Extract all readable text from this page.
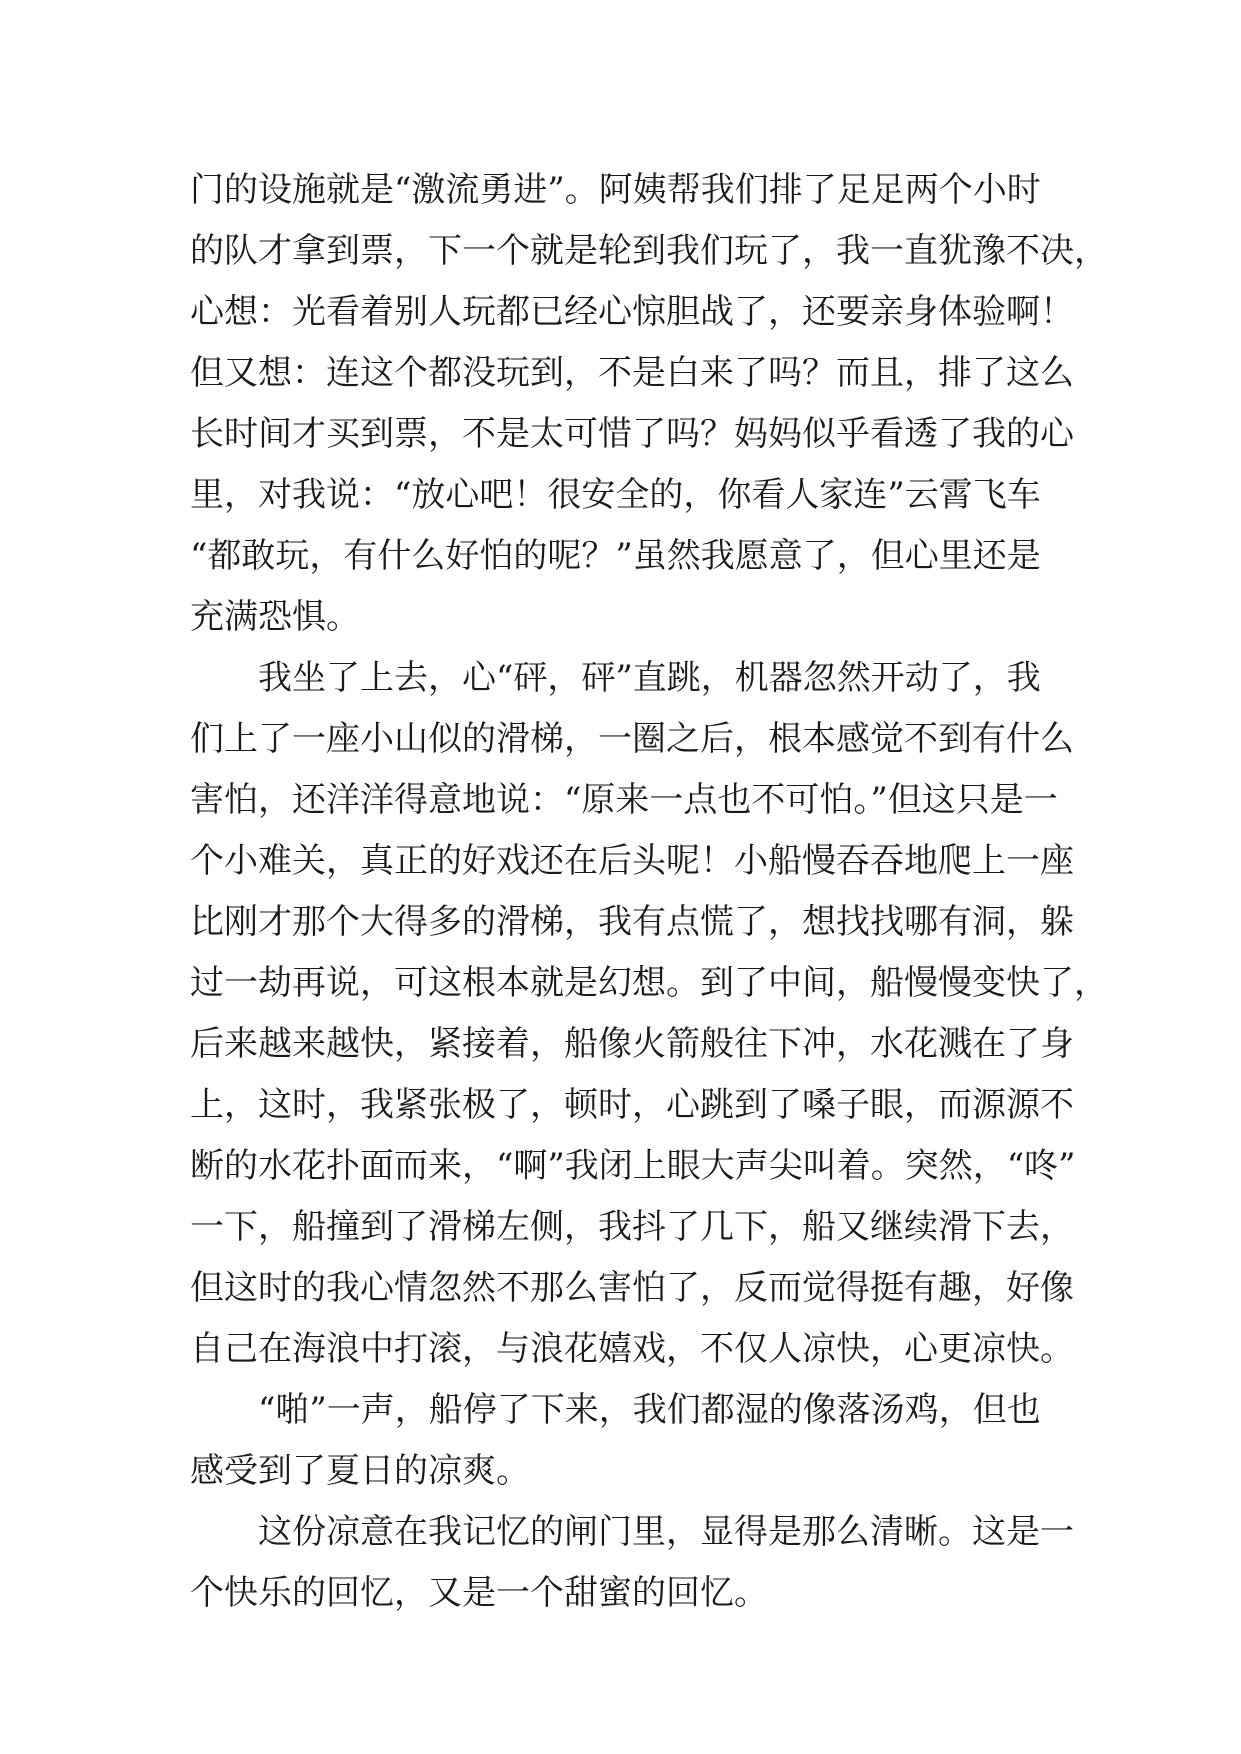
门的设施就是“激流勇进”。阿姨帮我们排了足足两个小时
的队才拿到票，下一个就是轮到我们玩了，我一直犹豫不决，
心想：光看着别人玩都已经心惊胆战了，还要亲身体验啊！
但又想：连这个都没玩到，不是白来了吗？而且，排了这么
长时间才买到票，不是太可惜了吗？妈妈似乎看透了我的心
里，对我说：“放心吧！很安全的，你看人家连”云霄飞车
“都敢玩，有什么好怕的呢？”虽然我愿意了，但心里还是
充满恐惧。
我坐了上去，心“砰，砰”直跳，机器忽然开动了，我
们上了一座小山似的滑梯，一圈之后，根本感觉不到有什么
害怕，还洋洋得意地说：“原来一点也不可怕。”但这只是一
个小难关，真正的好戏还在后头呢！小船慢吞吞地爬上一座
比刚才那个大得多的滑梯，我有点慌了，想找找哪有洞，躲
过一劫再说，可这根本就是幻想。到了中间，船慢慢变快了，
后来越来越快，紧接着，船像火箭般往下冲，水花溅在了身
上，这时，我紧张极了，顿时，心跳到了嗓子眼，而源源不
断的水花扑面而来，“啊”我闭上眼大声尖叫着。突然，“咚”
一下，船撞到了滑梯左侧，我抖了几下，船又继续滑下去，
但这时的我心情忽然不那么害怕了，反而觉得挺有趣，好像
自己在海浪中打滚，与浪花嬉戏，不仅人凉快，心更凉快。
“啪”一声，船停了下来，我们都湿的像落汤鸡，但也
感受到了夏日的凉爽。
这份凉意在我记忆的闸门里，显得是那么清晰。这是一
个快乐的回忆，又是一个甜蜜的回忆。
